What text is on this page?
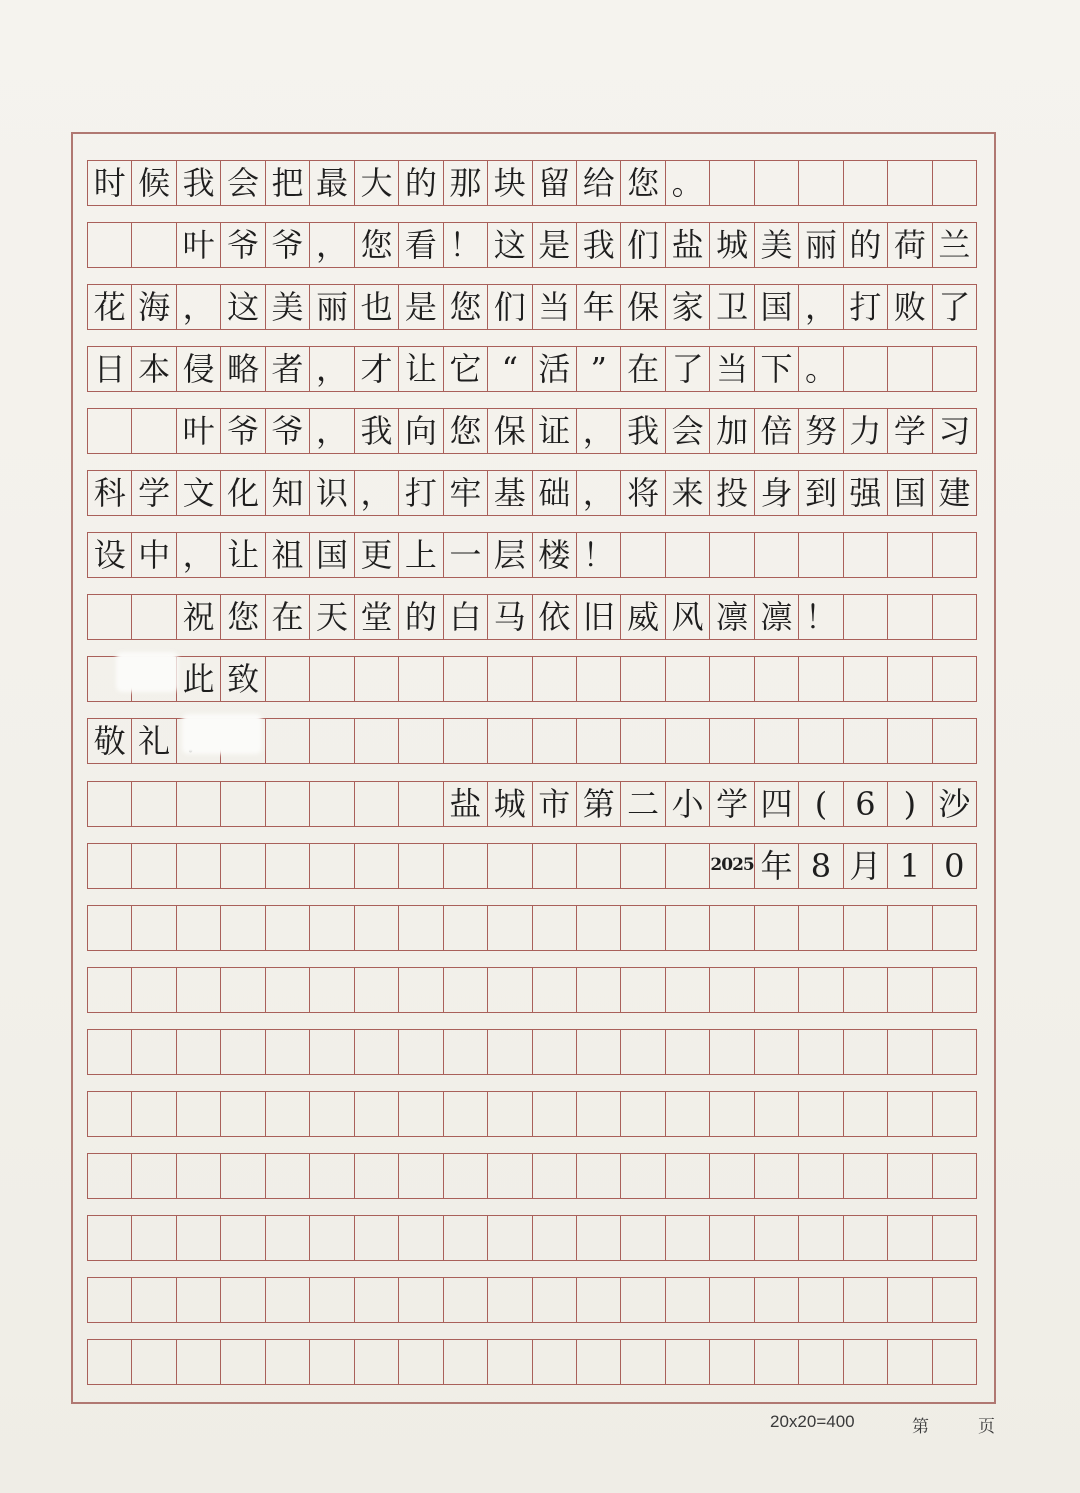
时 候 我 会 把 最 大 的 那 块 留 给 您 。
叶 爷 爷 ， 您 看 ！ 这 是 我 们 盐 城 美 丽 的 荷 兰
花 海 ， 这 美 丽 也 是 您 们 当 年 保 家 卫 国 ， 打 败 了
日 本 侵 略 者 ， 才 让 它 “ 活 ” 在 了 当 下 。
叶 爷 爷 ， 我 向 您 保 证 ， 我 会 加 倍 努 力 学 习
科 学 文 化 知 识 ， 打 牢 基 础 ， 将 来 投 身 到 强 国 建
设 中 ， 让 祖 国 更 上 一 层 楼 ！
祝 您 在 天 堂 的 白 马 依 旧 威 风 凛 凛 ！
此 致
敬 礼
盐 城 市 第 二 小 学 四 ( 6 ) 沙
2025 年 8 月 1 0
20x20=400	第	页
